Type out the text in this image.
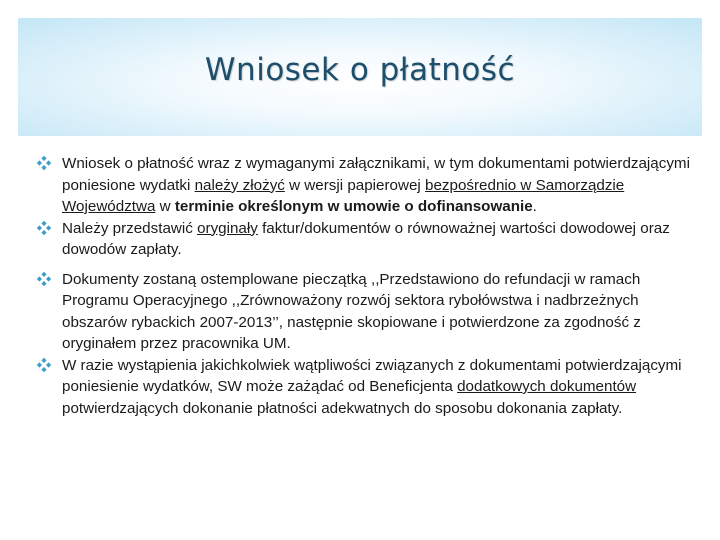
Wniosek o płatność
Wniosek o płatność wraz z wymaganymi załącznikami, w tym dokumentami potwierdzającymi poniesione wydatki należy złożyć w wersji papierowej bezpośrednio w Samorządzie Województwa w terminie określonym w umowie o dofinansowanie.
Należy przedstawić oryginały faktur/dokumentów o równoważnej wartości dowodowej oraz dowodów zapłaty.
Dokumenty zostaną ostemplowane pieczątką ,,Przedstawiono do refundacji w ramach Programu Operacyjnego ,,Zrównoważony rozwój sektora rybołówstwa i nadbrzeżnych obszarów rybackich 2007-2013’’, następnie skopiowane i potwierdzone za zgodność z oryginałem przez pracownika UM.
W razie wystąpienia jakichkolwiek wątpliwości związanych z dokumentami potwierdzającymi poniesienie wydatków, SW może zażądać od Beneficjenta dodatkowych dokumentów potwierdzających dokonanie płatności adekwatnych do sposobu dokonania zapłaty.
